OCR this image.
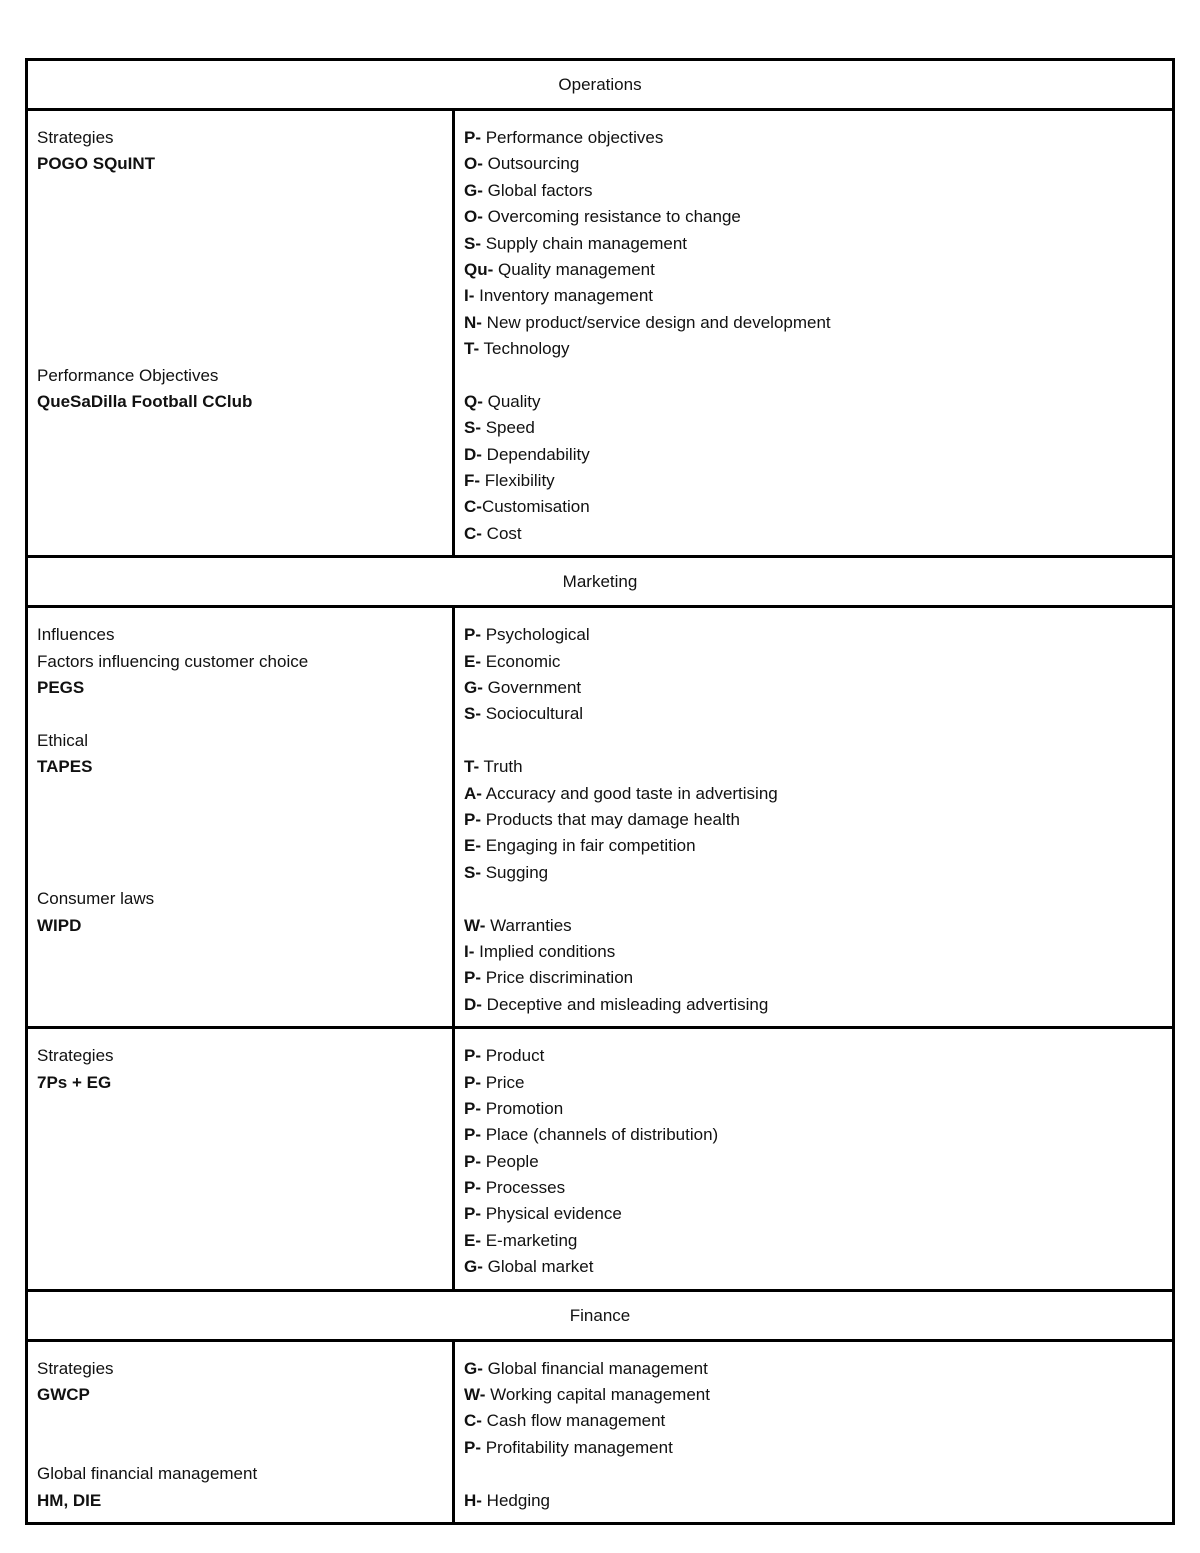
Operations
Strategies
POGO SQuINT
Performance Objectives
QueSaDilla Football CClub
P- Performance objectives
O- Outsourcing
G- Global factors
O- Overcoming resistance to change
S- Supply chain management
Qu- Quality management
I- Inventory management
N- New product/service design and development
T- Technology
Q- Quality
S- Speed
D- Dependability
F- Flexibility
C-Customisation
C- Cost
Marketing
Influences
Factors influencing customer choice
PEGS
Ethical
TAPES
Consumer laws
WIPD
P- Psychological
E- Economic
G- Government
S- Sociocultural
T- Truth
A- Accuracy and good taste in advertising
P- Products that may damage health
E- Engaging in fair competition
S- Sugging
W- Warranties
I- Implied conditions
P- Price discrimination
D- Deceptive and misleading advertising
Strategies
7Ps + EG
P- Product
P- Price
P- Promotion
P- Place (channels of distribution)
P- People
P- Processes
P- Physical evidence
E- E-marketing
G- Global market
Finance
Strategies
GWCP
Global financial management
HM, DIE
G- Global financial management
W- Working capital management
C- Cash flow management
P- Profitability management
H- Hedging
